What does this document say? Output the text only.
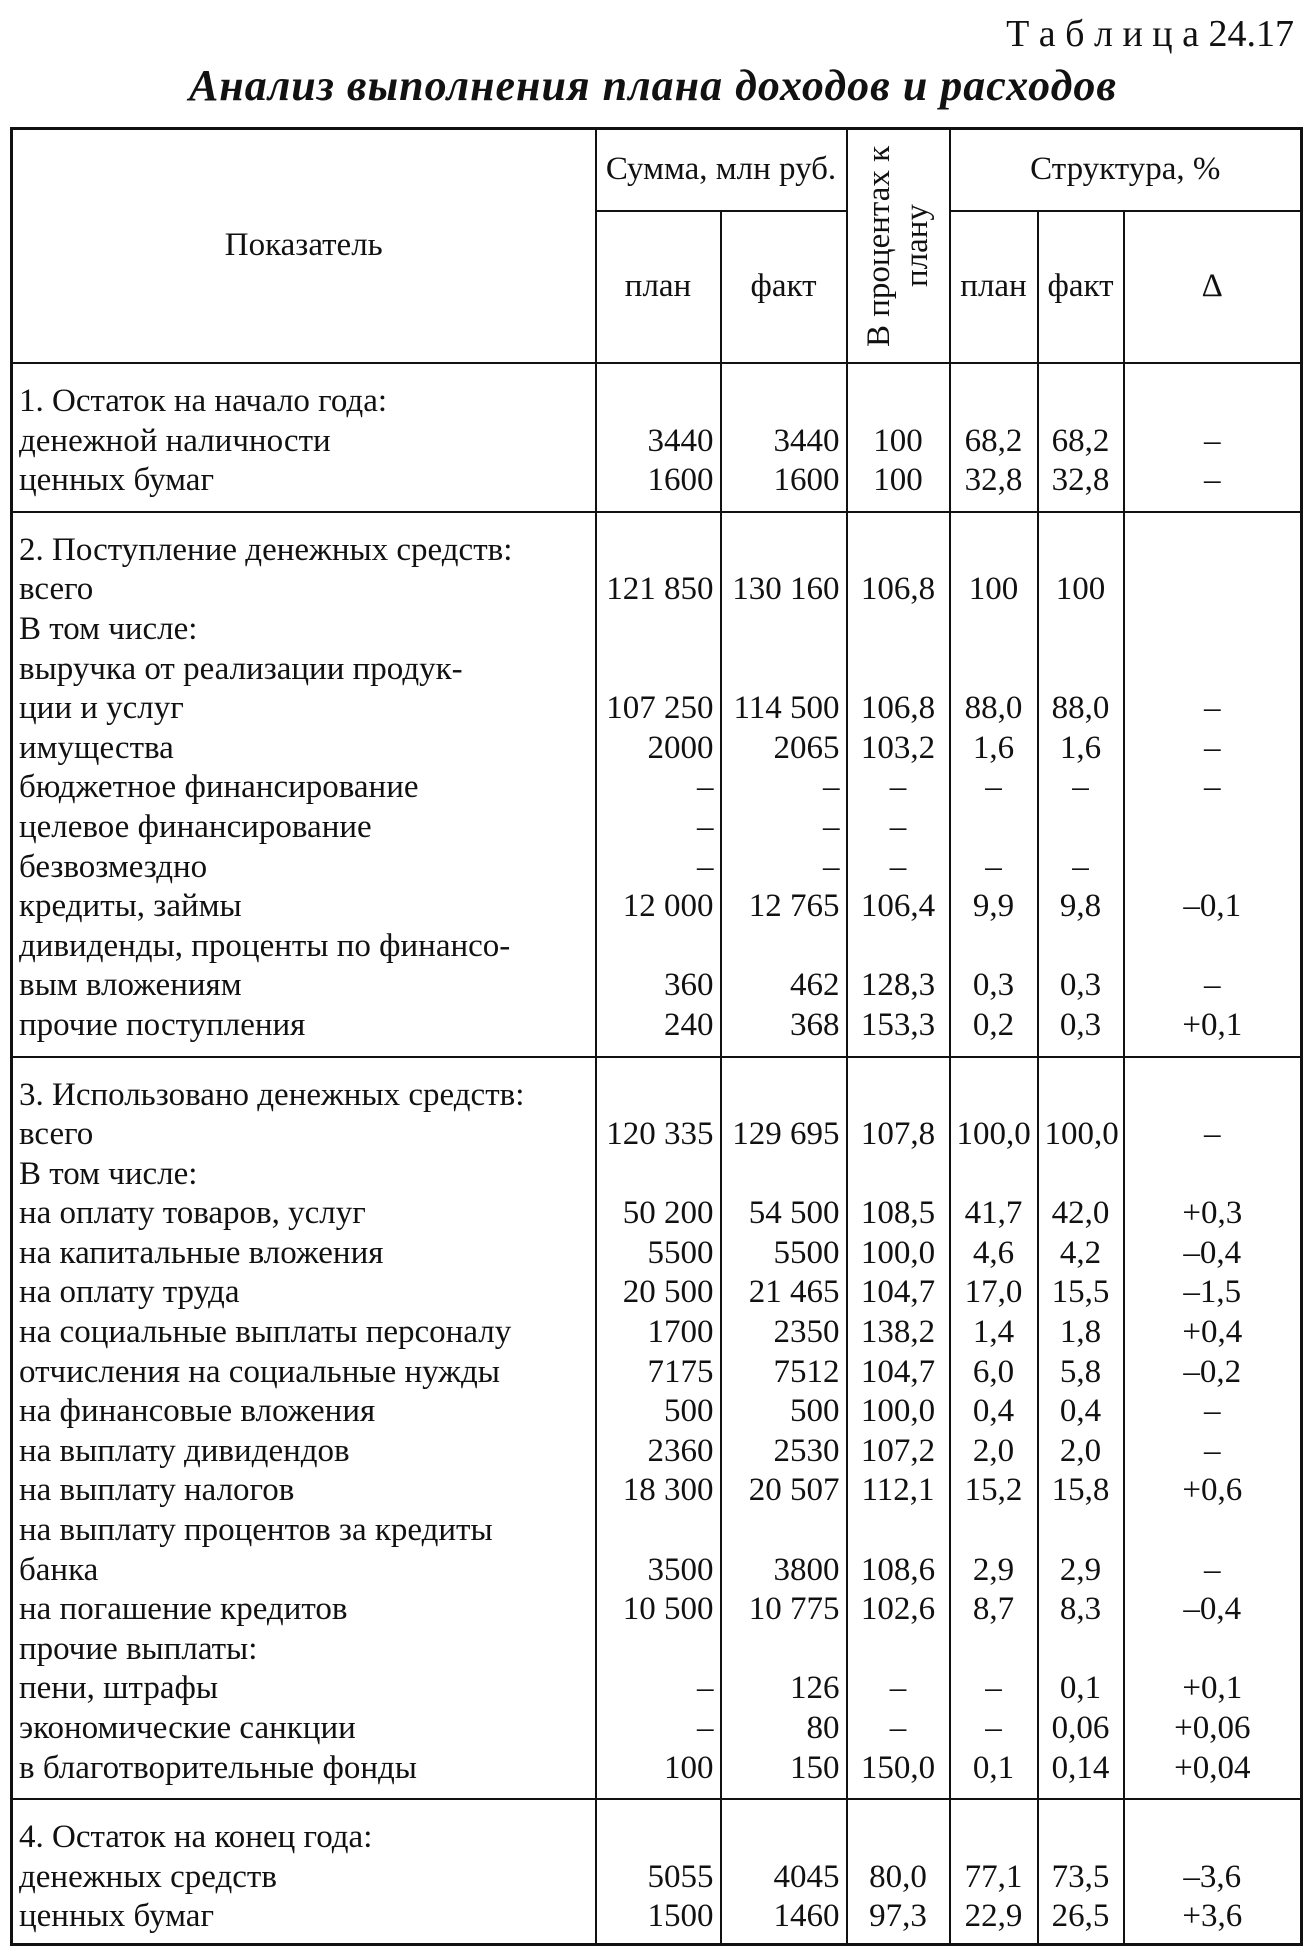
Т а б л и ц а 24.17
Анализ выполнения плана доходов и расходов
Показатель	Сумма, млн руб.		В процентах к плану	Структура, %		
	план	факт		план	факт	Δ
1. Остаток на начало года:						
денежной наличности	3440	3440	100	68,2	68,2	–
ценных бумаг	1600	1600	100	32,8	32,8	–
2. Поступление денежных средств:						
всего	121 850	130 160	106,8	100	100	
В том числе:						
выручка от реализации продук-						
ции и услуг	107 250	114 500	106,8	88,0	88,0	–
имущества	2000	2065	103,2	1,6	1,6	–
бюджетное финансирование	–	–	–	–	–	–
целевое финансирование	–	–	–			
безвозмездно	–	–	–	–	–	
кредиты, займы	12 000	12 765	106,4	9,9	9,8	–0,1
дивиденды, проценты по финансо-						
вым вложениям	360	462	128,3	0,3	0,3	–
прочие поступления	240	368	153,3	0,2	0,3	+0,1
3. Использовано денежных средств:						
всего	120 335	129 695	107,8	100,0	100,0	–
В том числе:						
на оплату товаров, услуг	50 200	54 500	108,5	41,7	42,0	+0,3
на капитальные вложения	5500	5500	100,0	4,6	4,2	–0,4
на оплату труда	20 500	21 465	104,7	17,0	15,5	–1,5
на социальные выплаты персоналу	1700	2350	138,2	1,4	1,8	+0,4
отчисления на социальные нужды	7175	7512	104,7	6,0	5,8	–0,2
на финансовые вложения	500	500	100,0	0,4	0,4	–
на выплату дивидендов	2360	2530	107,2	2,0	2,0	–
на выплату налогов	18 300	20 507	112,1	15,2	15,8	+0,6
на выплату процентов за кредиты						
банка	3500	3800	108,6	2,9	2,9	–
на погашение кредитов	10 500	10 775	102,6	8,7	8,3	–0,4
прочие выплаты:						
пени, штрафы	–	126	–	–	0,1	+0,1
экономические санкции	–	80	–	–	0,06	+0,06
в благотворительные фонды	100	150	150,0	0,1	0,14	+0,04
4. Остаток на конец года:						
денежных средств	5055	4045	80,0	77,1	73,5	–3,6
ценных бумаг	1500	1460	97,3	22,9	26,5	+3,6
